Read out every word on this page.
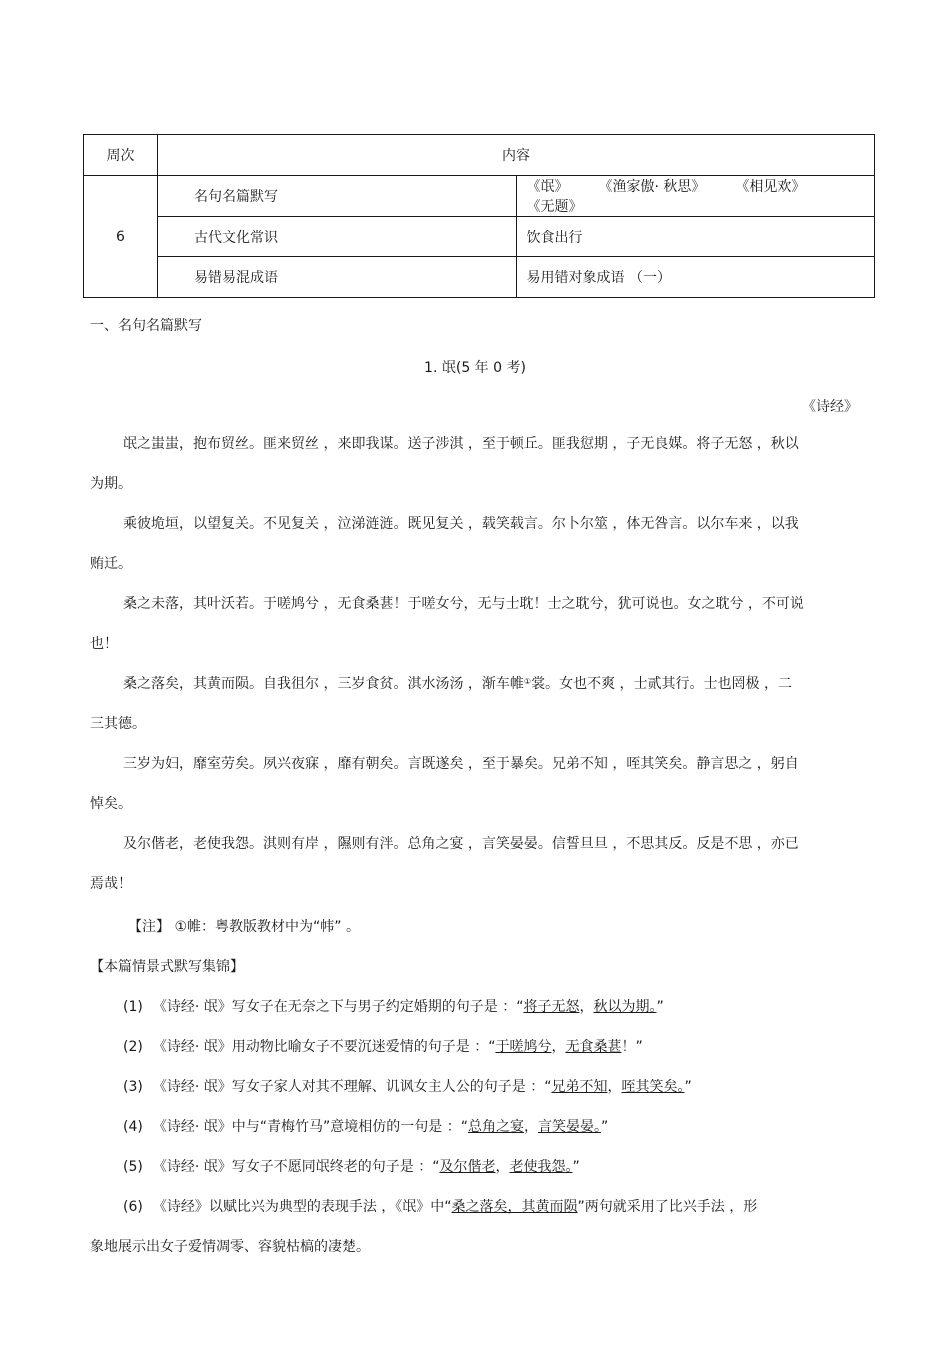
周次	内容	
6	名句名篇默写	《氓》 《渔家傲· 秋思》 《相见欢》《无题》
	古代文化常识	饮食出行
	易错易混成语	易用错对象成语 （一）
一、名句名篇默写
1. 氓(5 年 0 考)
《诗经》
氓之蚩蚩，抱布贸丝。匪来贸丝 ，来即我谋。送子涉淇 ，至于顿丘。匪我愆期 ，子无良媒。将子无怒 ，秋以
为期。
乘彼垝垣，以望复关。不见复关 ，泣涕涟涟。既见复关 ，载笑载言。尔卜尔筮 ，体无咎言。以尔车来 ，以我
贿迁。
桑之未落，其叶沃若。于嗟鸠兮 ，无食桑葚！于嗟女兮，无与士耽！士之耽兮，犹可说也。女之耽兮 ，不可说
也！
桑之落矣，其黄而陨。自我徂尔 ，三岁食贫。淇水汤汤 ，渐车帷①裳。女也不爽 ，士贰其行。士也罔极 ，二
三其德。
三岁为妇，靡室劳矣。夙兴夜寐 ，靡有朝矣。言既遂矣 ，至于暴矣。兄弟不知 ，咥其笑矣。静言思之 ，躬自
悼矣。
及尔偕老，老使我怨。淇则有岸 ，隰则有泮。总角之宴 ，言笑晏晏。信誓旦旦 ，不思其反。反是不思 ，亦已
焉哉！
【注】 ①帷：粤教版教材中为“帏” 。
【本篇情景式默写集锦】
(1) 《诗经· 氓》写女子在无奈之下与男子约定婚期的句子是 ：“将子无怒，秋以为期。”
(2) 《诗经· 氓》用动物比喻女子不要沉迷爱情的句子是 ：“于嗟鸠兮，无食桑葚！”
(3) 《诗经· 氓》写女子家人对其不理解、讥讽女主人公的句子是 ：“兄弟不知，咥其笑矣。”
(4) 《诗经· 氓》中与“青梅竹马”意境相仿的一句是 ：“总角之宴，言笑晏晏。”
(5) 《诗经· 氓》写女子不愿同氓终老的句子是 ：“及尔偕老，老使我怨。”
(6) 《诗经》以赋比兴为典型的表现手法 ，《氓》中“桑之落矣，其黄而陨”两句就采用了比兴手法 ，形
象地展示出女子爱情凋零、容貌枯槁的凄楚。
